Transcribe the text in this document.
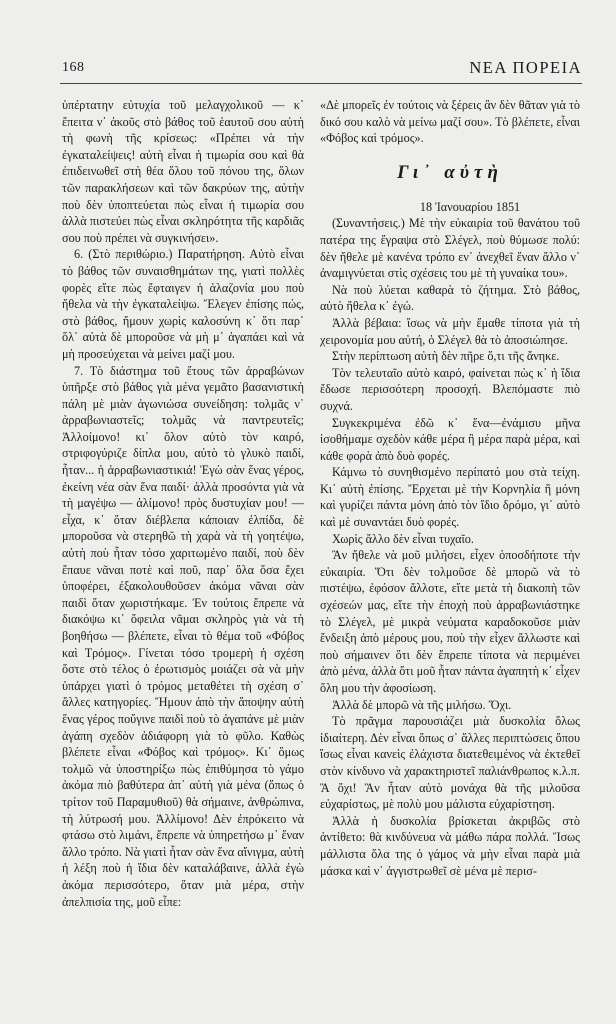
168	ΝΕΑ ΠΟΡΕΙΑ

ὑπέρτατην εὐτυχία τοῦ μελαγχολικοῦ — κ᾽ ἔπειτα ν᾽ ἀκοῦς στὸ βάθος τοῦ ἑαυτοῦ σου αὐτὴ τὴ φωνὴ τῆς κρίσεως: «Πρέπει νὰ τὴν ἐγκαταλείψεις! αὐτὴ εἶναι ἡ τιμωρία σου καὶ θὰ ἐπιδεινωθεῖ στὴ θέα ὅλου τοῦ πόνου της, ὅλων τῶν παρακλήσεων καὶ τῶν δακρύων της, αὐτὴν ποὺ δὲν ὑποπτεύεται πὼς εἶναι ἡ τιμωρία σου ἀλλὰ πιστεύει πὼς εἶναι σκληρότητα τῆς καρδιᾶς σου ποὺ πρέπει νὰ συγκινήσει».

6. (Στὸ περιθώριο.) Παρατήρηση. Αὐτὸ εἶναι τὸ βάθος τῶν συναισθημάτων της, γιατὶ πολλὲς φορὲς εἴτε πὼς ἔφταιγεν ἡ ἀλαζονία μου ποὺ ἤθελα νὰ τὴν ἐγκαταλείψω. Ἔλεγεν ἐπίσης πώς, στὸ βάθος, ἤμουν χωρὶς καλοσύνη κ᾽ ὅτι παρ᾽ ὅλ᾽ αὐτὰ δὲ μποροῦσε νὰ μὴ μ᾽ ἀγαπάει καὶ νὰ μὴ προσεύχεται νὰ μείνει μαζί μου.

7. Τὸ διάστημα τοῦ ἔτους τῶν ἀρραβώνων ὑπῆρξε στὸ βάθος γιὰ μένα γεμᾶτο βασανιστικὴ πάλη μὲ μιὰν ἀγωνιώσα συνείδηση: τολμᾶς ν᾽ ἀρραβωνιαστεῖς; τολμᾶς νὰ παντρευτεῖς; Ἀλλοίμονο! κι᾽ ὅλον αὐτὸ τὸν καιρό, στριφογύριζε δίπλα μου, αὐτὸ τὸ γλυκὸ παιδί, ἦταν... ἡ ἀρραβωνιαστικιά! Ἐγὼ σὰν ἕνας γέρος, ἐκείνη νέα σὰν ἕνα παιδί· ἀλλὰ προσόντα γιὰ νὰ τὴ μαγέψω — ἀλίμονο! πρὸς δυστυχίαν μου! — εἶχα, κ᾽ ὅταν διέβλεπα κάποιαν ἐλπίδα, δὲ μποροῦσα νὰ στερηθῶ τὴ χαρὰ νὰ τὴ γοητέψω, αὐτὴ ποὺ ἦταν τόσο χαριτωμένο παιδί, ποὺ δὲν ἔπαυε νᾶναι ποτὲ καὶ ποῦ, παρ᾽ ὅλα ὅσα ἔχει ὑποφέρει, ἐξακολουθοῦσεν ἀκόμα νᾶναι σὰν παιδὶ ὅταν χωριστήκαμε. Ἐν τούτοις ἔπρεπε νὰ διακόψω κι᾽ ὄφειλα νᾶμαι σκληρὸς γιὰ νὰ τὴ βοηθήσω — βλέπετε, εἶναι τὸ θέμα τοῦ «Φόβος καὶ Τρόμος». Γίνεται τόσο τρομερὴ ἡ σχέση ὅστε στὸ τέλος ὁ ἐρωτισμὸς μοιάζει σὰ νὰ μὴν ὑπάρχει γιατὶ ὁ τρόμος μεταθέτει τὴ σχέση σ᾽ ἄλλες κατηγορίες. Ἤμουν ἀπὸ τὴν ἄποψην αὐτὴ ἕνας γέρος ποὔγινε παιδὶ ποὺ τὸ ἀγαπάνε μὲ μιὰν ἀγάπη σχεδὸν ἀδιάφορη γιὰ τὸ φῦλο. Καθὼς βλέπετε εἶναι «Φόβος καὶ τρόμος». Κι᾽ ὅμως τολμῶ νὰ ὑποστηρίξω πὼς ἐπιθύμησα τὸ γάμο ἀκόμα πιὸ βαθύτερα ἀπ᾽ αὐτὴ γιὰ μένα (ὅπως ὁ τρίτον τοῦ Παραμυθιοῦ) θὰ σήμαινε, ἀνθρώπινα, τὴ λύτρωσή μου. Ἀλλίμονο! Δὲν ἐπρόκειτο νὰ φτάσω στὸ λιμάνι, ἔπρεπε νὰ ὑπηρετήσω μ᾽ ἕναν ἄλλο τρόπο. Νὰ γιατὶ ἦταν σὰν ἕνα αἴνιγμα, αὐτὴ ἡ λέξη ποὺ ἡ ἴδια δὲν καταλάβαινε, ἀλλὰ ἐγὼ ἀκόμα περισσότερο, ὅταν μιὰ μέρα, στὴν ἀπελπισία της, μοῦ εἶπε:

«Δὲ μπορεῖς ἐν τούτοις νὰ ξέρεις ἂν δὲν θᾶταν γιὰ τὸ δικό σου καλὸ νὰ μείνω μαζί σου». Τὸ βλέπετε, εἶναι «Φόβος καὶ τρόμος».

Γι᾽ αὐτὴ

18 Ἰανουαρίου 1851

(Συναντήσεις.) Μὲ τὴν εὐκαιρία τοῦ θανάτου τοῦ πατέρα της ἔγραψα στὸ Σλέγελ, ποὺ θύμωσε πολύ: δὲν ἤθελε μὲ κανένα τρόπο εν᾽ ἀνεχθεῖ ἕναν ἄλλο ν᾽ ἀναμιγνύεται στὶς σχέσεις του μὲ τὴ γυναίκα του».

Νὰ ποὺ λύεται καθαρὰ τὸ ζήτημα. Στὸ βάθος, αὐτὸ ἤθελα κ᾽ ἐγώ.

Ἀλλὰ βέβαια: ἴσως νὰ μὴν ἔμαθε τίποτα γιὰ τὴ χειρονομία μου αὐτή, ὁ Σλέγελ θὰ τὸ ἀποσιώπησε.

Στὴν περίπτωση αὐτὴ δὲν πῆρε ὅ,τι τῆς ἄνηκε.

Τὸν τελευταῖο αὐτὸ καιρό, φαίνεται πὼς κ᾽ ἡ ἴδια ἔδωσε περισσότερη προσοχή. Βλεπόμαστε πιὸ συχνά.

Συγκεκριμένα ἐδῶ κ᾽ ἕνα—ἐνάμισυ μῆνα ἰσοθήμαμε σχεδὸν κάθε μέρα ἢ μέρα παρὰ μέρα, καὶ κάθε φορὰ ἀπὸ δυὸ φορές.

Κάμνω τὸ συνηθισμένο περίπατό μου στὰ τείχη. Κι᾽ αὐτὴ ἐπίσης. Ἔρχεται μὲ τὴν Κορνηλία ἢ μόνη καὶ γυρίζει πάντα μόνη ἀπὸ τὸν ἴδιο δρόμο, γι᾽ αὐτὸ καὶ μὲ συναντάει δυὸ φορές.

Χωρὶς ἄλλο δὲν εἶναι τυχαῖο.

Ἂν ἤθελε νὰ μοῦ μιλήσει, εἶχεν ὁποσδήποτε τὴν εὐκαιρία. Ὅτι δὲν τολμοῦσε δὲ μπορῶ νὰ τὸ πιστέψω, ἐφόσον ἄλλοτε, εἴτε μετὰ τὴ διακοπὴ τῶν σχέσεών μας, εἴτε τὴν ἐποχὴ ποὺ ἀρραβωνιάστηκε τὸ Σλέγελ, μὲ μικρὰ νεύματα καραδοκοῦσε μιὰν ἔνδειξη ἀπὸ μέρους μου, ποὺ τὴν εἶχεν ἄλλωστε καὶ ποὺ σήμαινεν ὅτι δὲν ἔπρεπε τίποτα νὰ περιμένει ἀπὸ μένα, ἀλλὰ ὅτι μοῦ ἦταν πάντα ἀγαπητὴ κ᾽ εἶχεν ὅλη μου τὴν ἀφοσίωση.

Ἀλλὰ δὲ μπορῶ νὰ τῆς μιλήσω. Ὄχι.

Τὸ πρᾶγμα παρουσιάζει μιὰ δυσκολία ὅλως ἰδιαίτερη. Δὲν εἶναι ὅπως σ᾽ ἄλλες περιπτώσεις ὅπου ἴσως εἶναι κανεὶς ἐλάχιστα διατεθειμένος νὰ ἐκτεθεῖ στὸν κίνδυνο νὰ χαρακτηριστεῖ παλιάνθρωπος κ.λ.π. Ἂ ὄχι! Ἂν ἦταν αὐτὸ μονάχα θὰ τῆς μιλοῦσα εὐχαρίστως, μὲ πολὺ μου μάλιστα εὐχαρίστηση.

Ἀλλὰ ἡ δυσκολία βρίσκεται ἀκριβῶς στὸ ἀντίθετο: θὰ κινδύνευα νὰ μάθω πάρα πολλά. Ἴσως μάλλιστα ὅλα της ὁ γάμος νὰ μὴν εἶναι παρὰ μιὰ μάσκα καὶ ν᾽ ἀγγιστρωθεῖ σὲ μένα μὲ περισ-
